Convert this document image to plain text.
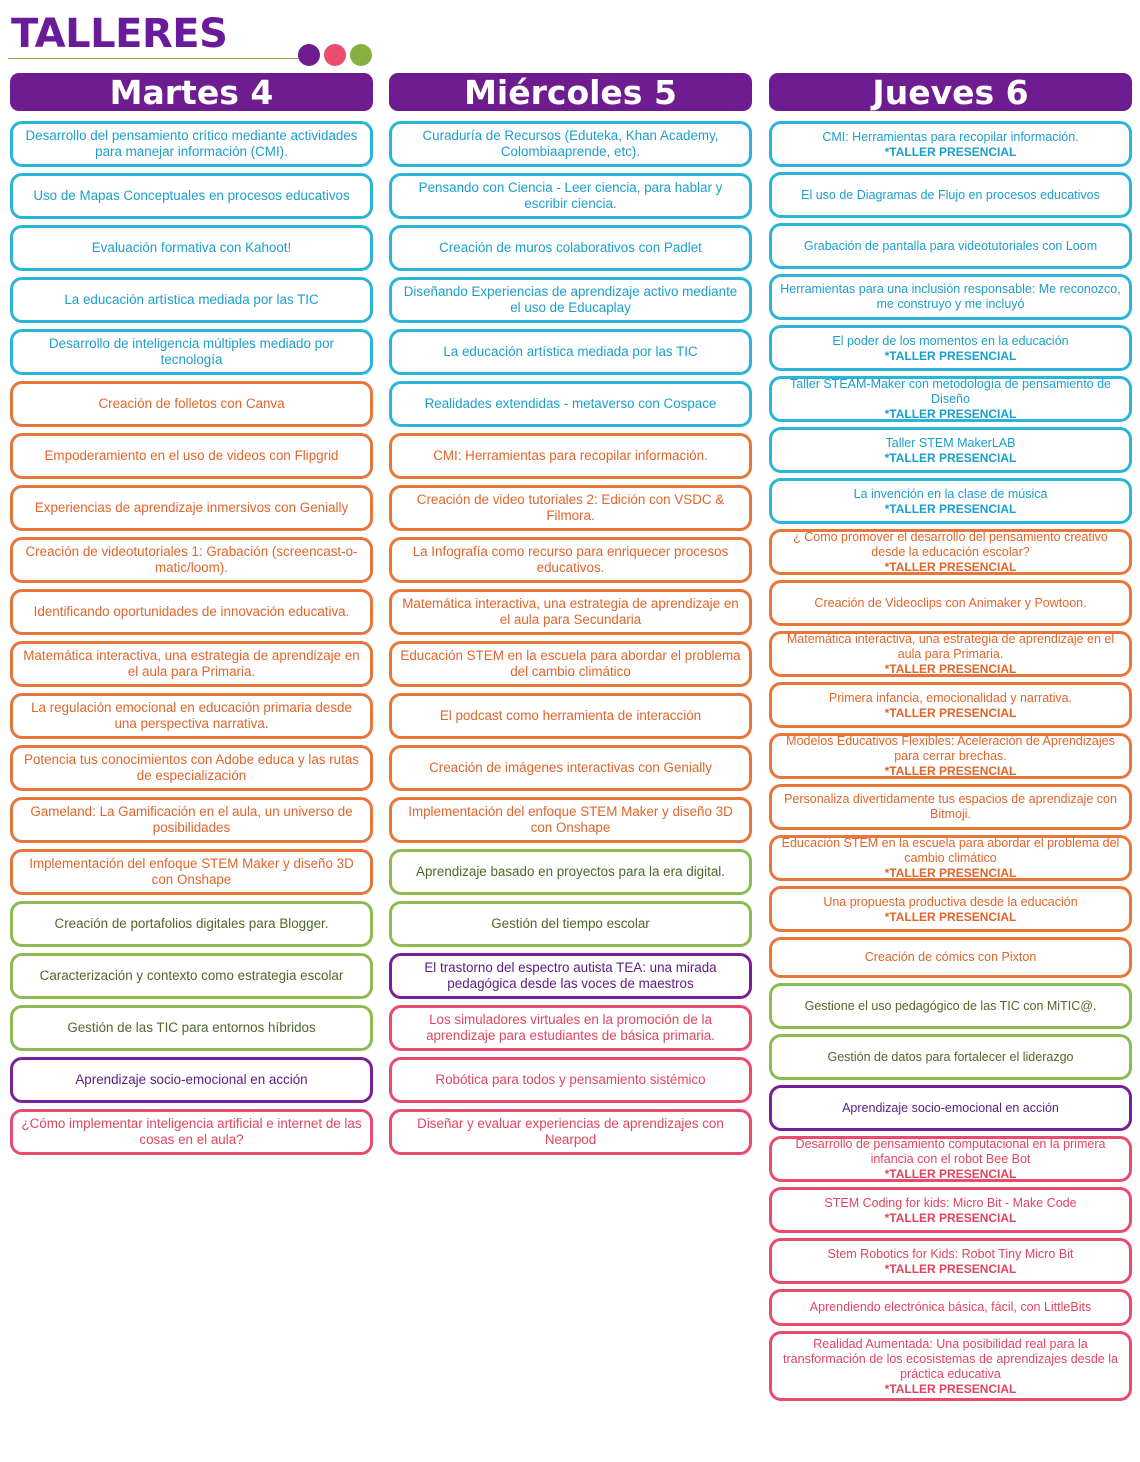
TALLERES
Martes 4
Desarrollo del pensamiento crítico mediante actividades para manejar información (CMI).
Uso de Mapas Conceptuales en procesos educativos
Evaluación formativa con Kahoot!
La educación artística mediada por las TIC
Desarrollo de inteligencia múltiples mediado por tecnología
Creación de folletos con Canva
Empoderamiento en el uso de videos con Flipgrid
Experiencias de aprendizaje inmersivos con Genially
Creación de videotutoriales 1: Grabación (screencast-o-matic/loom).
Identificando oportunidades de innovación educativa.
Matemática interactiva, una estrategia de aprendizaje en el aula para Primaria.
La regulación emocional en educación primaria desde una perspectiva narrativa.
Potencia tus conocimientos con Adobe educa y las rutas de especialización
Gameland: La Gamificación en el aula, un universo de posibilidades
Implementación del enfoque STEM Maker y diseño 3D con Onshape
Creación de portafolios digitales para Blogger.
Caracterización y contexto como estrategia escolar
Gestión de las TIC para entornos híbridos
Aprendizaje socio-emocional en acción
¿Cómo implementar inteligencia artificial e internet de las cosas en el aula?
Miércoles 5
Curaduría de Recursos (Eduteka, Khan Academy, Colombiaaprende, etc).
Pensando con Ciencia - Leer ciencia, para hablar y escribir ciencia.
Creación de muros colaborativos con Padlet
Diseñando Experiencias de aprendizaje activo mediante el uso de Educaplay
La educación artística mediada por las TIC
Realidades extendidas - metaverso con Cospace
CMI: Herramientas para recopilar información.
Creación de video tutoriales 2: Edición con VSDC & Filmora.
La Infografía como recurso para enriquecer procesos educativos.
Matemática interactiva, una estrategia de aprendizaje en el aula para Secundaria
Educación STEM en la escuela para abordar el problema del cambio climático
El podcast como herramienta de interacción
Creación de imágenes interactivas con Genially
Implementación del enfoque STEM Maker y diseño 3D con Onshape
Aprendizaje basado en proyectos para la era digital.
Gestión del tiempo escolar
El trastorno del espectro autista TEA: una mirada pedagógica desde las voces de maestros
Los simuladores virtuales en la promoción de la aprendizaje para estudiantes de básica primaria.
Robótica para todos y pensamiento sistémico
Diseñar y evaluar experiencias de aprendizajes con Nearpod
Jueves 6
CMI: Herramientas para recopilar información.
*TALLER PRESENCIAL
El uso de Diagramas de Flujo en procesos educativos
Grabación de pantalla para videotutoriales con Loom
Herramientas para una inclusión responsable: Me reconozco, me construyo y me incluyó
El poder de los momentos en la educación
*TALLER PRESENCIAL
Taller STEAM-Maker con metodología de pensamiento de Diseño
*TALLER PRESENCIAL
Taller STEM MakerLAB
*TALLER PRESENCIAL
La invención en la clase de música
*TALLER PRESENCIAL
¿ Como promover el desarrollo del pensamiento creativo desde la educación escolar?
*TALLER PRESENCIAL
Creación de Videoclips con Animaker y Powtoon.
Matemática interactiva, una estrategia de aprendizaje en el aula para Primaria.
*TALLER PRESENCIAL
Primera infancia, emocionalidad y narrativa.
*TALLER PRESENCIAL
Modelos Educativos Flexibles: Aceleración de Aprendizajes para cerrar brechas.
*TALLER PRESENCIAL
Personaliza divertidamente tus espacios de aprendizaje con Bitmoji.
Educación STEM en la escuela para abordar el problema del cambio climático
*TALLER PRESENCIAL
Una propuesta productiva desde la educación
*TALLER PRESENCIAL
Creación de cómics con Pixton
Gestione el uso pedagógico de las TIC con MiTIC@.
Gestión de datos para fortalecer el liderazgo
Aprendizaje socio-emocional en acción
Desarrollo de pensamiento computacional en la primera infancia con el robot Bee Bot
*TALLER PRESENCIAL
STEM Coding for kids: Micro Bit - Make Code
*TALLER PRESENCIAL
Stem Robotics for Kids: Robot Tiny Micro Bit
*TALLER PRESENCIAL
Aprendiendo electrónica básica, fácil, con LittleBits
Realidad Aumentada: Una posibilidad real para la transformación de los ecosistemas de aprendizajes desde la práctica educativa
*TALLER PRESENCIAL
